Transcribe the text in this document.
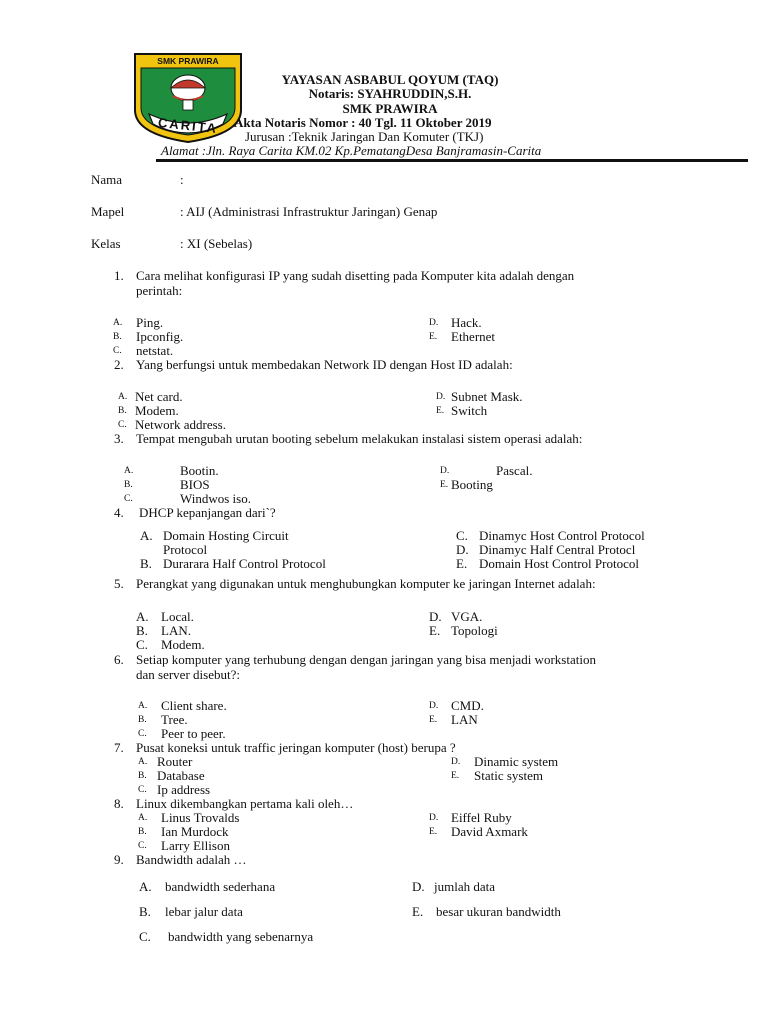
SMK PRAWIRA
CARITA
YAYASAN ASBABUL QOYUM (TAQ)
Notaris: SYAHRUDDIN,S.H.
SMK PRAWIRA
Akta Notaris Nomor : 40 Tgl. 11 Oktober 2019
Jurusan :Teknik Jaringan Dan Komuter (TKJ)
Alamat :Jln. Raya Carita KM.02 Kp.PematangDesa Banjramasin-Carita
Nama	:
Mapel	: AIJ (Administrasi Infrastruktur Jaringan) Genap
Kelas	: XI (Sebelas)
1. Cara melihat konfigurasi IP yang sudah disetting pada Komputer kita adalah dengan
perintah:
A. Ping.
B. Ipconfig.
C. netstat.
D. Hack.
E. Ethernet
2. Yang berfungsi untuk membedakan Network ID dengan Host ID adalah:
A. Net card.
B. Modem.
C. Network address.
D. Subnet Mask.
E. Switch
3. Tempat mengubah urutan booting sebelum melakukan instalasi sistem operasi adalah:
A.	Bootin.
B.	BIOS
C.	Windwos iso.
D.	Pascal.
E. Booting
4. DHCP kepanjangan dari`?
A. Domain Hosting Circuit
Protocol
B. Durarara Half Control Protocol
C. Dinamyc Host Control Protocol
D. Dinamyc Half Central Protocl
E. Domain Host Control Protocol
5. Perangkat yang digunakan untuk menghubungkan komputer ke jaringan Internet adalah:
A. Local.
B. LAN.
C. Modem.
D. VGA.
E. Topologi
6. Setiap komputer yang terhubung dengan dengan jaringan yang bisa menjadi workstation
dan server disebut?:
A. Client share.
B. Tree.
C. Peer to peer.
D. CMD.
E. LAN
7. Pusat koneksi untuk traffic jeringan komputer (host) berupa ?
A. Router
B. Database
C. Ip address
D. Dinamic system
E. Static system
8. Linux dikembangkan pertama kali oleh…
A. Linus Trovalds
B. Ian Murdock
C. Larry Ellison
D. Eiffel Ruby
E. David Axmark
9. Bandwidth adalah …
A. bandwidth sederhana
B. lebar jalur data
C. bandwidth yang sebenarnya
D. jumlah data
E. besar ukuran bandwidth
